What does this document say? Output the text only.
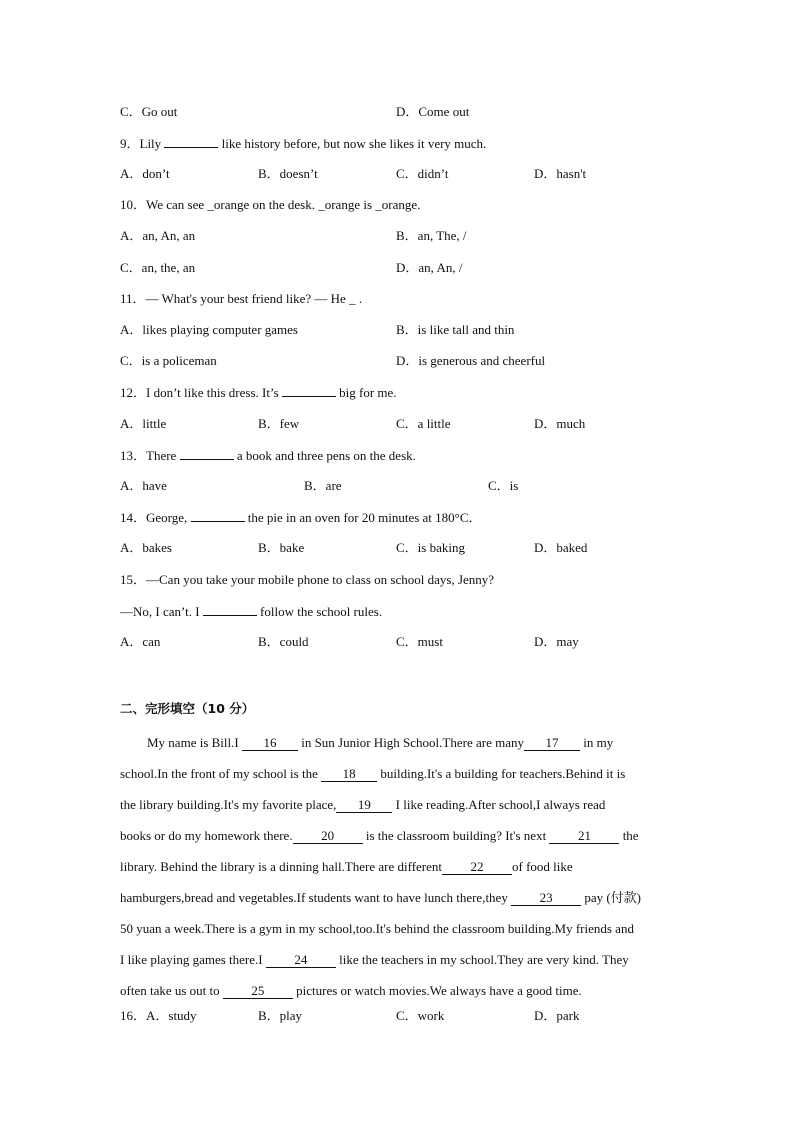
C．Go out	D．Come out
9．Lily	like history before, but now she likes it very much.
A．don’t	B．doesn’t	C．didn’t	D．hasn't
10．We can see _orange on the desk. _orange is _orange.
A．an, An, an	B．an, The, /
C．an, the, an	D．an, An, /
11．— What's your best friend like? — He _ .
A．likes playing computer games	B．is like tall and thin
C．is a policeman	D．is generous and cheerful
12．I don’t like this dress. It’s	big for me.
A．little	B．few	C．a little	D．much
13．There	a book and three pens on the desk.
A．have	B．are	C．is
14．George,	the pie in an oven for 20 minutes at 180°C．
A．bakes	B．bake	C．is baking	D．baked
15．—Can you take your mobile phone to class on school days, Jenny?
—No, I can’t. I	follow the school rules.
A．can	B．could	C．must	D．may
二、完形填空（10 分）
My name is Bill.I 16 in Sun Junior High School.There are many 17 in my
school.In the front of my school is the 18 building.It's a building for teachers.Behind it is
the library building.It's my favorite place, 19 I like reading.After school,I always read
books or do my homework there. 20 is the classroom building? It's next 21 the
library. Behind the library is a dinning hall.There are different 22 of food like
hamburgers,bread and vegetables.If students want to have lunch there,they 23 pay (付款)
50 yuan a week.There is a gym in my school,too.It's behind the classroom building.My friends and
I like playing games there.I 24 like the teachers in my school.They are very kind. They
often take us out to 25 pictures or watch movies.We always have a good time.
16．A．study	B．play	C．work	D．park
